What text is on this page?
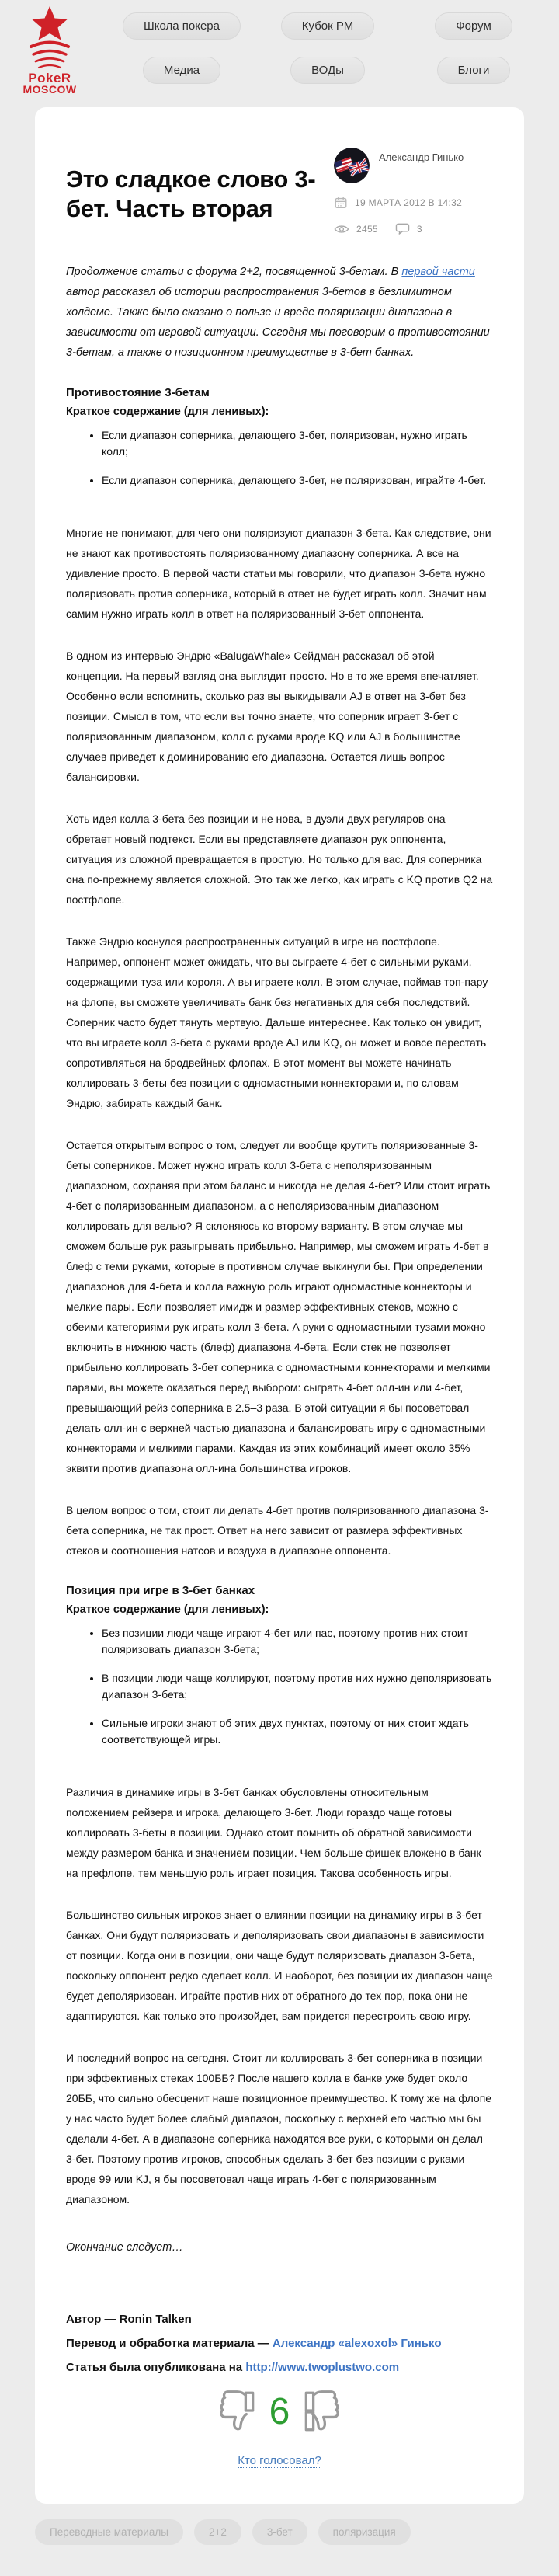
PokeR
MOSCOW
Школа покера	Кубок РМ	Форум
Медиа	ВОДы	Блоги
Это сладкое слово 3-бет. Часть вторая
Александр Гинько
19 МАРТА 2012 В 14:32
2455	3

Продолжение статьи с форума 2+2, посвященной 3-бетам. В первой части автор рассказал об истории распространения 3-бетов в безлимитном холдеме. Также было сказано о пользе и вреде поляризации диапазона в зависимости от игровой ситуации. Сегодня мы поговорим о противостоянии 3-бетам, а также о позиционном преимуществе в 3-бет банках.

Противостояние 3-бетам
Краткое содержание (для ленивых):
• Если диапазон соперника, делающего 3-бет, поляризован, нужно играть колл;
• Если диапазон соперника, делающего 3-бет, не поляризован, играйте 4-бет.

Многие не понимают, для чего они поляризуют диапазон 3-бета. Как следствие, они не знают как противостоять поляризованному диапазону соперника. А все на удивление просто. В первой части статьи мы говорили, что диапазон 3-бета нужно поляризовать против соперника, который в ответ не будет играть колл. Значит нам самим нужно играть колл в ответ на поляризованный 3-бет оппонента.

В одном из интервью Эндрю «BalugaWhale» Сейдман рассказал об этой концепции. На первый взгляд она выглядит просто. Но в то же время впечатляет. Особенно если вспомнить, сколько раз вы выкидывали AJ в ответ на 3-бет без позиции. Смысл в том, что если вы точно знаете, что соперник играет 3-бет с поляризованным диапазоном, колл с руками вроде KQ или AJ в большинстве случаев приведет к доминированию его диапазона. Остается лишь вопрос балансировки.

Хоть идея колла 3-бета без позиции и не нова, в дуэли двух регуляров она обретает новый подтекст. Если вы представляете диапазон рук оппонента, ситуация из сложной превращается в простую. Но только для вас. Для соперника она по-прежнему является сложной. Это так же легко, как играть с KQ против Q2 на постфлопе.

Также Эндрю коснулся распространенных ситуаций в игре на постфлопе. Например, оппонент может ожидать, что вы сыграете 4-бет с сильными руками, содержащими туза или короля. А вы играете колл. В этом случае, поймав топ-пару на флопе, вы сможете увеличивать банк без негативных для себя последствий. Соперник часто будет тянуть мертвую. Дальше интереснее. Как только он увидит, что вы играете колл 3-бета с руками вроде AJ или KQ, он может и вовсе перестать сопротивляться на бродвейных флопах. В этот момент вы можете начинать коллировать 3-беты без позиции с одномастными коннекторами и, по словам Эндрю, забирать каждый банк.

Остается открытым вопрос о том, следует ли вообще крутить поляризованные 3-беты соперников. Может нужно играть колл 3-бета с неполяризованным диапазоном, сохраняя при этом баланс и никогда не делая 4-бет? Или стоит играть 4-бет с поляризованным диапазоном, а с неполяризованным диапазоном коллировать для велью? Я склоняюсь ко второму варианту. В этом случае мы сможем больше рук разыгрывать прибыльно. Например, мы сможем играть 4-бет в блеф с теми руками, которые в противном случае выкинули бы. При определении диапазонов для 4-бета и колла важную роль играют одномастные коннекторы и мелкие пары. Если позволяет имидж и размер эффективных стеков, можно с обеими категориями рук играть колл 3-бета. А руки с одномастными тузами можно включить в нижнюю часть (блеф) диапазона 4-бета. Если стек не позволяет прибыльно коллировать 3-бет соперника с одномастными коннекторами и мелкими парами, вы можете оказаться перед выбором: сыграть 4-бет олл-ин или 4-бет, превышающий рейз соперника в 2.5–3 раза. В этой ситуации я бы посоветовал делать олл-ин с верхней частью диапазона и балансировать игру с одномастными коннекторами и мелкими парами. Каждая из этих комбинаций имеет около 35% эквити против диапазона олл-ина большинства игроков.

В целом вопрос о том, стоит ли делать 4-бет против поляризованного диапазона 3-бета соперника, не так прост. Ответ на него зависит от размера эффективных стеков и соотношения натсов и воздуха в диапазоне оппонента.

Позиция при игре в 3-бет банках
Краткое содержание (для ленивых):
• Без позиции люди чаще играют 4-бет или пас, поэтому против них стоит поляризовать диапазон 3-бета;
• В позиции люди чаще коллируют, поэтому против них нужно деполяризовать диапазон 3-бета;
• Сильные игроки знают об этих двух пунктах, поэтому от них стоит ждать соответствующей игры.

Различия в динамике игры в 3-бет банках обусловлены относительным положением рейзера и игрока, делающего 3-бет. Люди гораздо чаще готовы коллировать 3-беты в позиции. Однако стоит помнить об обратной зависимости между размером банка и значением позиции. Чем больше фишек вложено в банк на префлопе, тем меньшую роль играет позиция. Такова особенность игры.

Большинство сильных игроков знает о влиянии позиции на динамику игры в 3-бет банках. Они будут поляризовать и деполяризовать свои диапазоны в зависимости от позиции. Когда они в позиции, они чаще будут поляризовать диапазон 3-бета, поскольку оппонент редко сделает колл. И наоборот, без позиции их диапазон чаще будет деполяризован. Играйте против них от обратного до тех пор, пока они не адаптируются. Как только это произойдет, вам придется перестроить свою игру.

И последний вопрос на сегодня. Стоит ли коллировать 3-бет соперника в позиции при эффективных стеках 100ББ? После нашего колла в банке уже будет около 20ББ, что сильно обесценит наше позиционное преимущество. К тому же на флопе у нас часто будет более слабый диапазон, поскольку с верхней его частью мы бы сделали 4-бет. А в диапазоне соперника находятся все руки, с которыми он делал 3-бет. Поэтому против игроков, способных сделать 3-бет без позиции с руками вроде 99 или KJ, я бы посоветовал чаще играть 4-бет с поляризованным диапазоном.

Окончание следует…

Автор — Ronin Talken

Перевод и обработка материала — Александр «alexoxol» Гинько

Статья была опубликована на http://www.twoplustwo.com

6
Кто голосовал?
Переводные материалы	2+2	3-бет	поляризация
